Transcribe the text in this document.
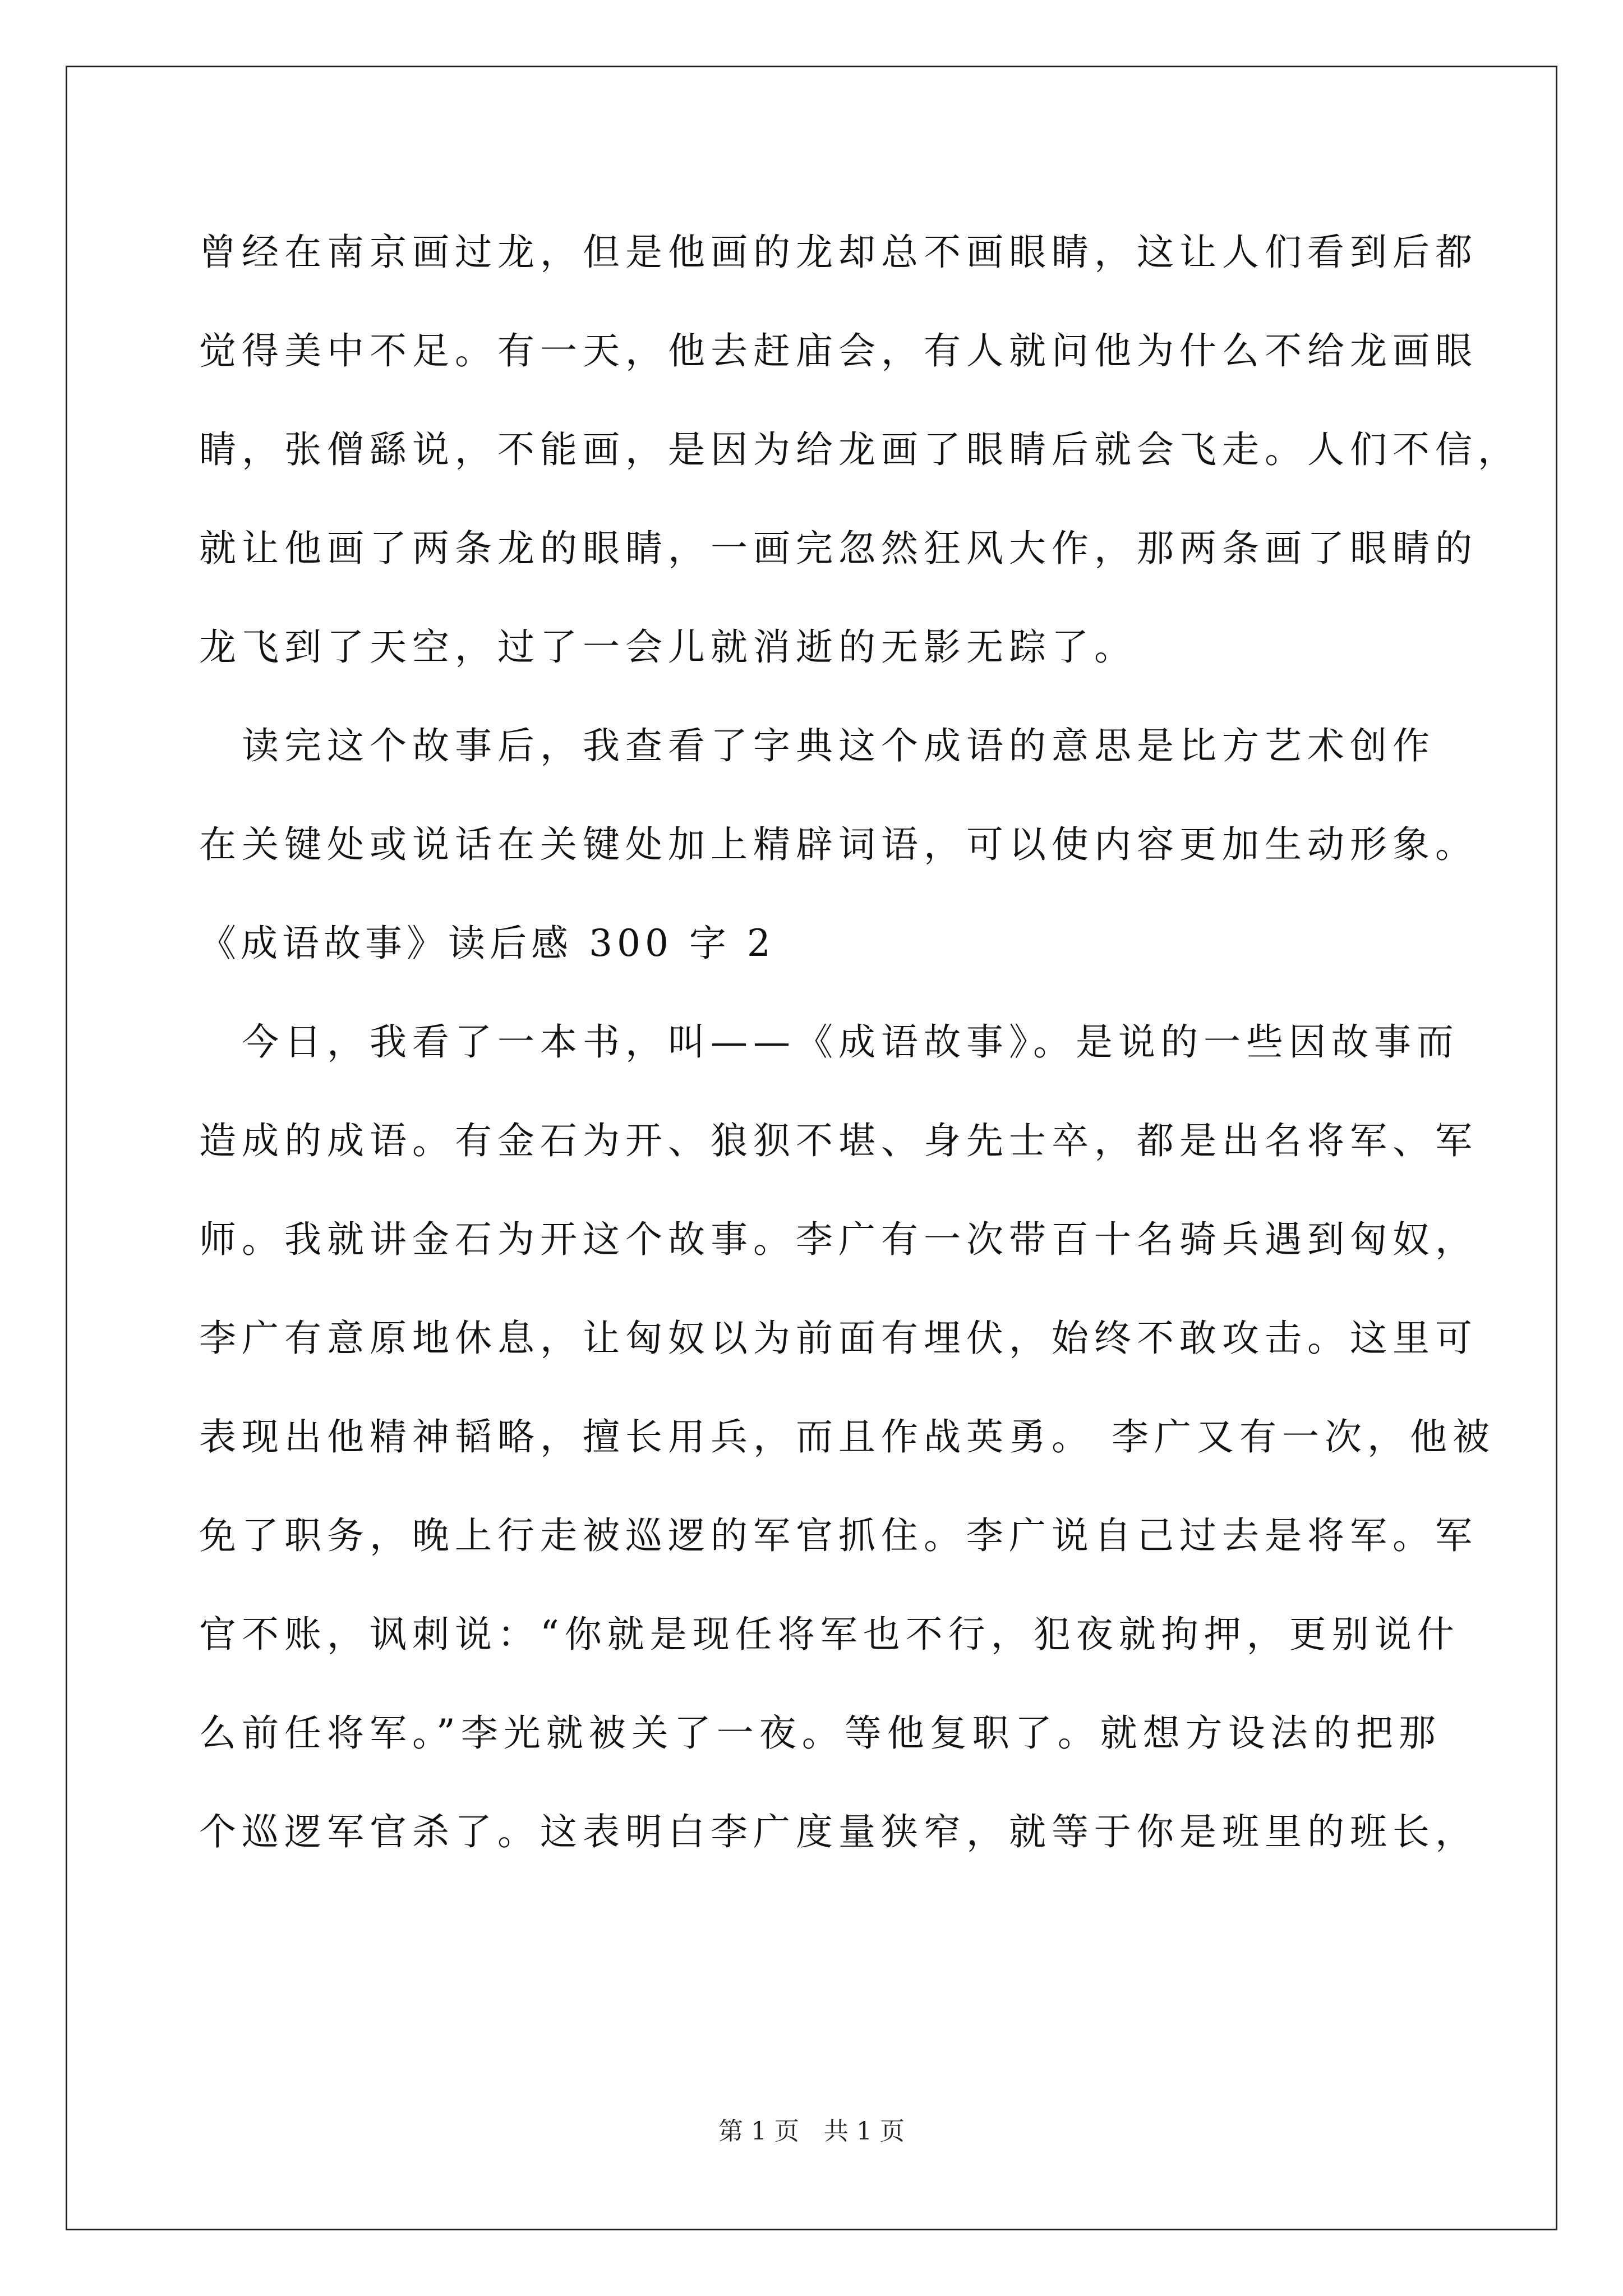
曾经在南京画过龙，但是他画的龙却总不画眼睛，这让人们看到后都
觉得美中不足。有一天，他去赶庙会，有人就问他为什么不给龙画眼
睛，张僧繇说，不能画，是因为给龙画了眼睛后就会飞走。人们不信，
就让他画了两条龙的眼睛，一画完忽然狂风大作，那两条画了眼睛的
龙飞到了天空，过了一会儿就消逝的无影无踪了。
　读完这个故事后，我查看了字典这个成语的意思是比方艺术创作
在关键处或说话在关键处加上精辟词语，可以使内容更加生动形象。
《成语故事》读后感 300 字 2
　今日，我看了一本书，叫——《成语故事》。是说的一些因故事而
造成的成语。有金石为开、狼狈不堪、身先士卒，都是出名将军、军
师。我就讲金石为开这个故事。李广有一次带百十名骑兵遇到匈奴，
李广有意原地休息，让匈奴以为前面有埋伏，始终不敢攻击。这里可
表现出他精神韬略，擅长用兵，而且作战英勇。 李广又有一次，他被
免了职务，晚上行走被巡逻的军官抓住。李广说自己过去是将军。军
官不账，讽刺说：“你就是现任将军也不行，犯夜就拘押，更别说什
么前任将军。”李光就被关了一夜。等他复职了。就想方设法的把那
个巡逻军官杀了。这表明白李广度量狭窄，就等于你是班里的班长，
第 1 页　共 1 页
